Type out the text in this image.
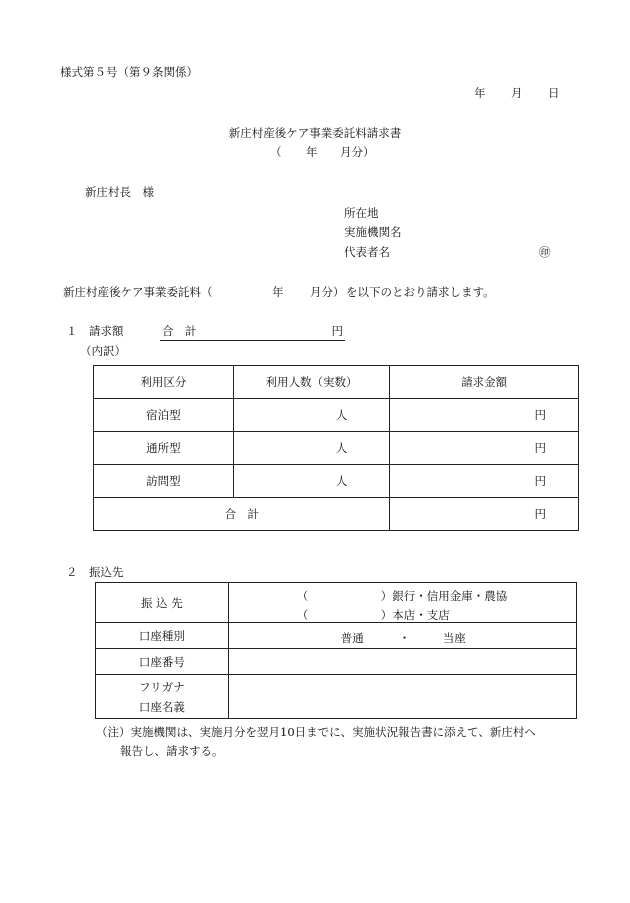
様式第５号（第９条関係）
年 月 日
新庄村産後ケア事業委託料請求書
（ 年 月分）
新庄村長　様
所在地
実施機関名
代表者名	㊞
新庄村産後ケア事業委託料（	年 月分） を以下のとおり請求します。
１　請求額	合　計	円
（内訳）
利用区分	利用人数（実数）	請求金額
宿泊型	人	円
通所型	人	円
訪問型	人	円
合　計		円
２　振込先
振 込 先	（ ）銀行・信用金庫・農協
（ ）本店・支店

口座種別	普通 ・ 当座

口座番号	

フリガナ
口座名義	

（注）実施機関は、実施月分を翌月10日までに、実施状況報告書に添えて、新庄村へ
報告し、請求する。
